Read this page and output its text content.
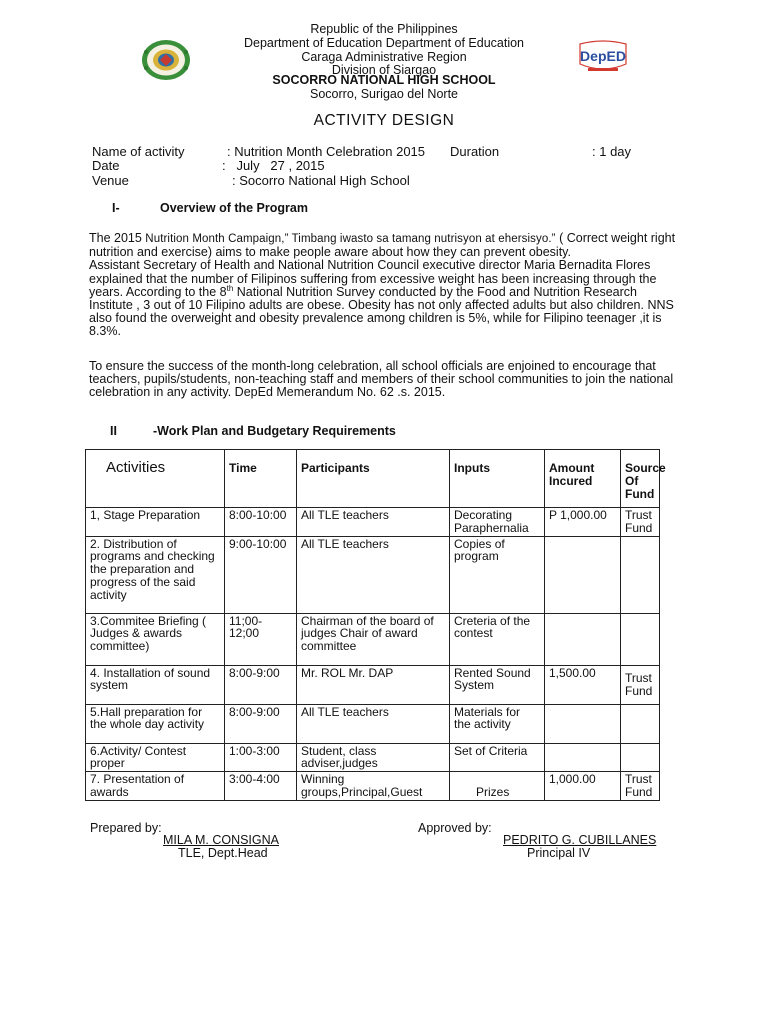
Republic of the Philippines
Department of Education Department of Education
Caraga Administrative Region
Division of Siargao
SOCORRO NATIONAL HIGH SCHOOL
Socorro, Surigao del Norte
DepED
ACTIVITY DESIGN
Name of activity	: Nutrition Month Celebration 2015 Duration	: 1 day
Date	:   July   27 , 2015
Venue	: Socorro National High School
I-	Overview of the Program

The 2015 Nutrition Month Campaign,” Timbang iwasto sa tamang nutrisyon at ehersisyo.” ( Correct weight right nutrition and exercise) aims to make people aware about how they can prevent obesity.

Assistant Secretary of Health and National Nutrition Council executive director Maria Bernadita Flores explained that the number of Filipinos suffering from excessive weight has been increasing through the years. According to the 8th National Nutrition Survey conducted by the Food and Nutrition Research Institute , 3 out of 10 Filipino adults are obese. Obesity has not only affected adults but also children. NNS also found the overweight and obesity prevalence among children is 5%, while for Filipino teenager ,it is 8.3%.

To ensure the success of the month-long celebration, all school officials are enjoined to encourage that teachers, pupils/students, non-teaching staff and members of their school communities to join the national celebration in any activity. DepEd Memerandum No. 62 .s. 2015.
II	-Work Plan and Budgetary Requirements
Activities	Time	Participants	Inputs	Amount Incured	Source Of Fund
1, Stage Preparation	8:00-10:00	All TLE teachers	Decorating Paraphernalia	P 1,000.00	Trust Fund
2. Distribution of programs and checking the preparation and progress of the said activity	9:00-10:00	All TLE teachers	Copies of program		
3.Commitee Briefing ( Judges & awards committee)	11;00-12;00	Chairman of the board of judges Chair of award committee	Creteria of the contest		
4. Installation of sound system	8:00-9:00	Mr. ROL Mr. DAP	Rented Sound System	1,500.00	Trust Fund
5.Hall preparation for the whole day activity	8:00-9:00	All TLE teachers	Materials for the activity		
6.Activity/ Contest proper	1:00-3:00	Student, class adviser,judges	Set of Criteria		
7. Presentation of awards	3:00-4:00	Winning groups,Principal,Guest	Prizes	1,000.00	Trust Fund
Prepared by:
MILA M. CONSIGNA
TLE, Dept.Head
Approved by:
PEDRITO G. CUBILLANES
Principal IV
